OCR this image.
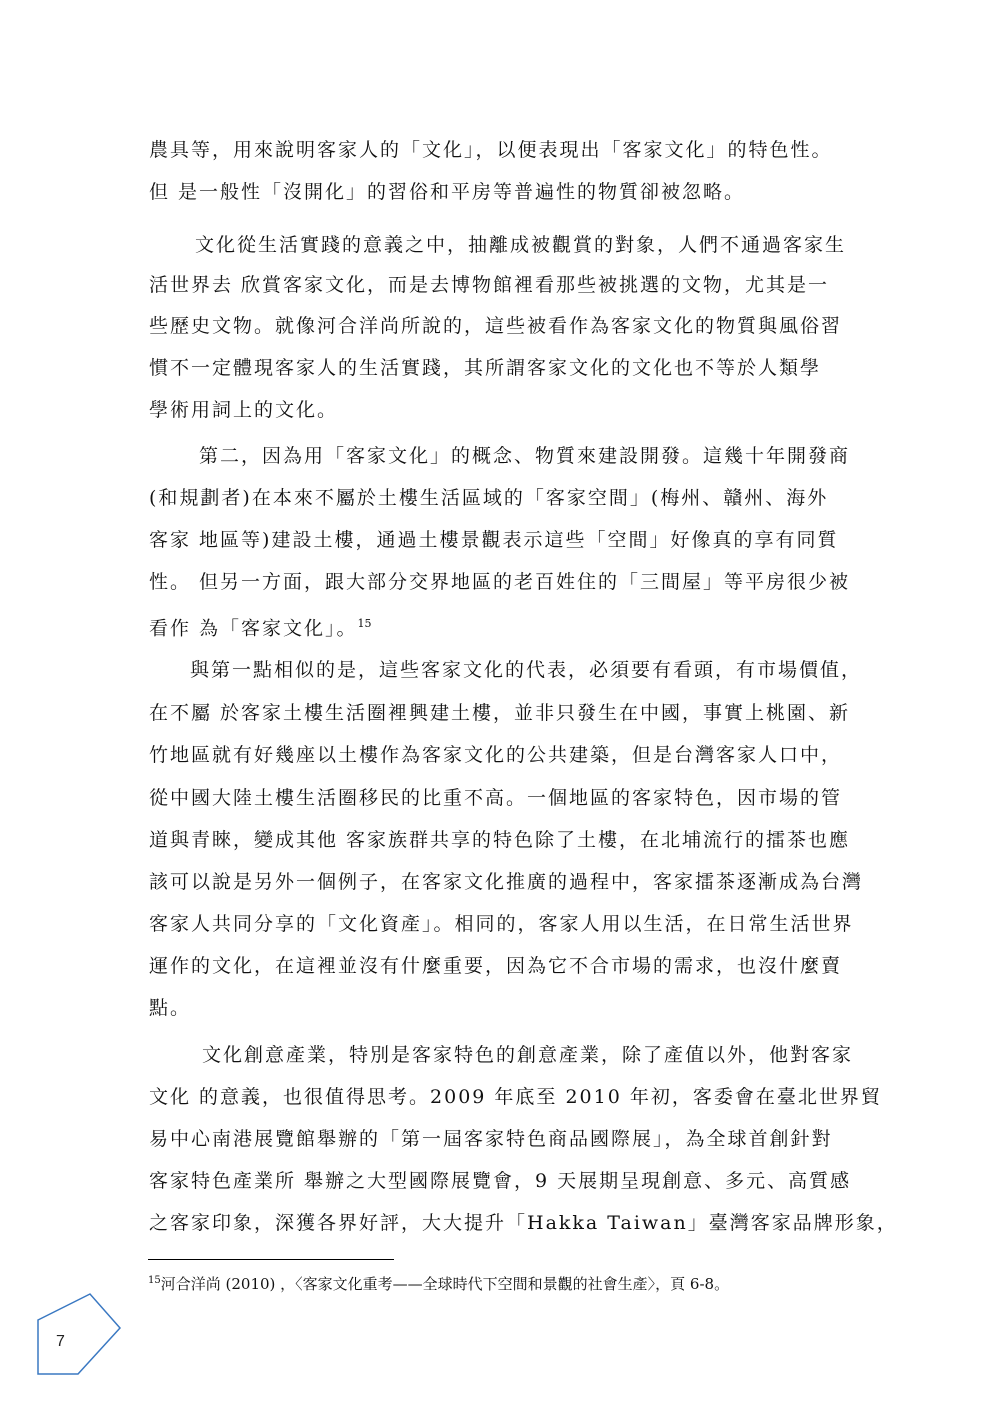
農具等，用來說明客家人的「文化」，以便表現出「客家文化」的特色性。
但 是一般性「沒開化」的習俗和平房等普遍性的物質卻被忽略。
文化從生活實踐的意義之中，抽離成被觀賞的對象，人們不通過客家生
活世界去 欣賞客家文化，而是去博物館裡看那些被挑選的文物，尤其是一
些歷史文物。就像河合洋尚所說的，這些被看作為客家文化的物質與風俗習
慣不一定體現客家人的生活實踐，其所謂客家文化的文化也不等於人類學
學術用詞上的文化。
第二，因為用「客家文化」的概念、物質來建設開發。這幾十年開發商
(和規劃者)在本來不屬於土樓生活區域的「客家空間」(梅州、贛州、海外
客家 地區等)建設土樓，通過土樓景觀表示這些「空間」好像真的享有同質
性。 但另一方面，跟大部分交界地區的老百姓住的「三間屋」等平房很少被
看作 為「客家文化」。$^{15}$
與第一點相似的是，這些客家文化的代表，必須要有看頭，有市場價值，
在不屬 於客家土樓生活圈裡興建土樓，並非只發生在中國，事實上桃園、新
竹地區就有好幾座以土樓作為客家文化的公共建築，但是台灣客家人口中，
從中國大陸土樓生活圈移民的比重不高。一個地區的客家特色，因市場的管
道與青睞，變成其他 客家族群共享的特色除了土樓，在北埔流行的擂茶也應
該可以說是另外一個例子，在客家文化推廣的過程中，客家擂茶逐漸成為台灣
客家人共同分享的「文化資產」。相同的，客家人用以生活，在日常生活世界
運作的文化，在這裡並沒有什麼重要，因為它不合市場的需求，也沒什麼賣
點。
文化創意產業，特別是客家特色的創意產業，除了產值以外，他對客家
文化 的意義，也很值得思考。2009 年底至 2010 年初，客委會在臺北世界貿
易中心南港展覽館舉辦的「第一屆客家特色商品國際展」，為全球首創針對
客家特色產業所 舉辦之大型國際展覽會，9 天展期呈現創意、多元、高質感
之客家印象，深獲各界好評，大大提升「Hakka Taiwan」臺灣客家品牌形象，
$^{15}$河合洋尚 (2010) ，〈客家文化重考——全球時代下空間和景觀的社會生產〉，頁 6-8。
7
